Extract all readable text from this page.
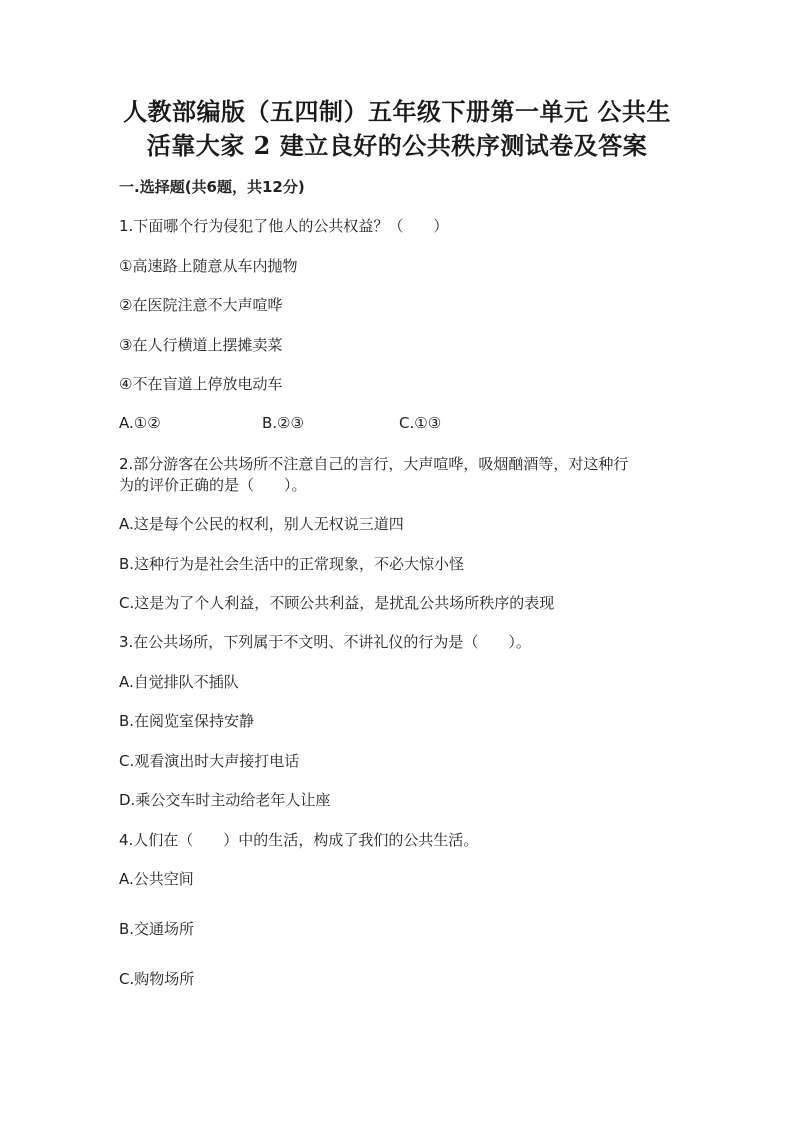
人教部编版（五四制）五年级下册第一单元 公共生
活靠大家 2 建立良好的公共秩序测试卷及答案
一.选择题(共6题，共12分)
1.下面哪个行为侵犯了他人的公共权益？（　　）
①高速路上随意从车内抛物
②在医院注意不大声喧哗
③在人行横道上摆摊卖菜
④不在盲道上停放电动车
A.①②	B.②③	C.①③
2.部分游客在公共场所不注意自己的言行，大声喧哗，吸烟酗酒等，对这种行
为的评价正确的是（　　）。
A.这是每个公民的权利，别人无权说三道四
B.这种行为是社会生活中的正常现象，不必大惊小怪
C.这是为了个人利益，不顾公共利益，是扰乱公共场所秩序的表现
3.在公共场所，下列属于不文明、不讲礼仪的行为是（　　）。
A.自觉排队不插队
B.在阅览室保持安静
C.观看演出时大声接打电话
D.乘公交车时主动给老年人让座
4.人们在（　　）中的生活，构成了我们的公共生活。
A.公共空间
B.交通场所
C.购物场所
